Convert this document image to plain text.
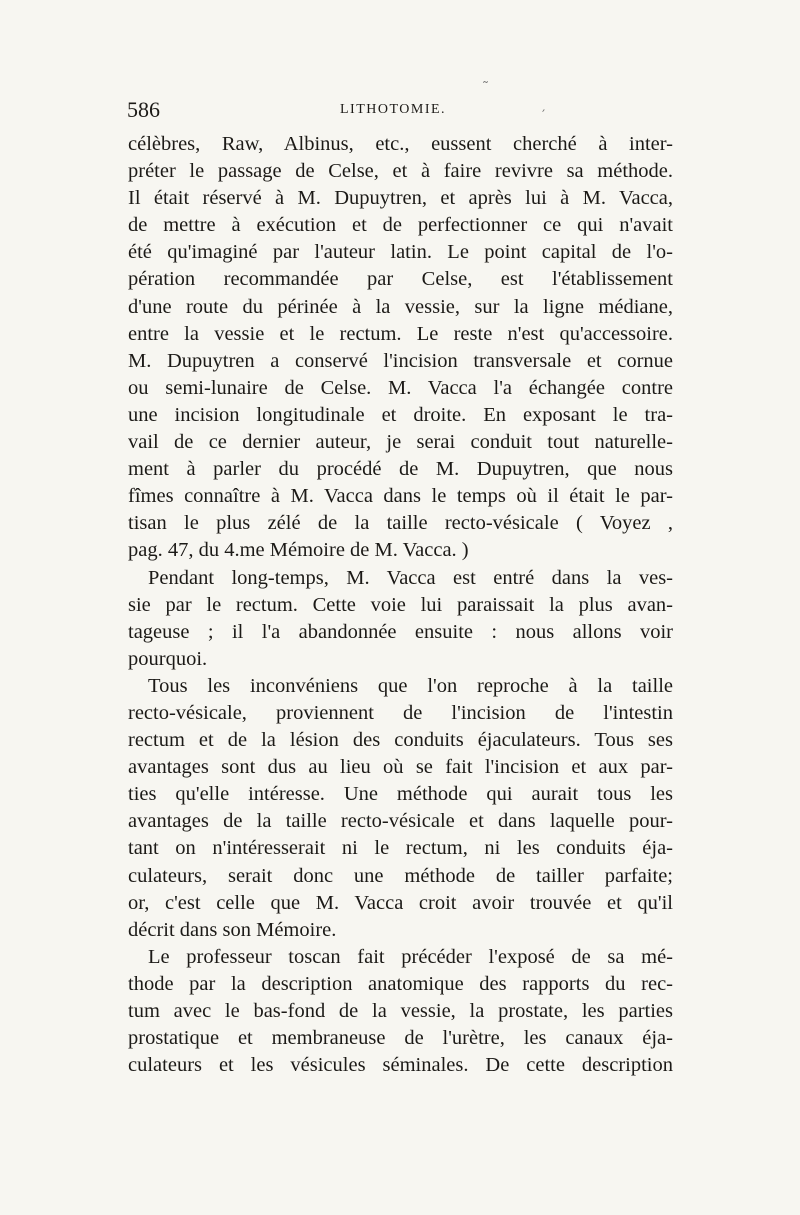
586	LITHOTOMIE.
célèbres, Raw, Albinus, etc., eussent cherché à inter-
préter le passage de Celse, et à faire revivre sa méthode.
Il était réservé à M. Dupuytren, et après lui à M. Vacca,
de mettre à exécution et de perfectionner ce qui n'avait
été qu'imaginé par l'auteur latin. Le point capital de l'o-
pération recommandée par Celse, est l'établissement
d'une route du périnée à la vessie, sur la ligne médiane,
entre la vessie et le rectum. Le reste n'est qu'accessoire.
M. Dupuytren a conservé l'incision transversale et cornue
ou semi-lunaire de Celse. M. Vacca l'a échangée contre
une incision longitudinale et droite. En exposant le tra-
vail de ce dernier auteur, je serai conduit tout naturelle-
ment à parler du procédé de M. Dupuytren, que nous
fîmes connaître à M. Vacca dans le temps où il était le par-
tisan le plus zélé de la taille recto-vésicale ( Voyez ,
pag. 47, du 4.me Mémoire de M. Vacca. )
Pendant long-temps, M. Vacca est entré dans la ves-
sie par le rectum. Cette voie lui paraissait la plus avan-
tageuse ; il l'a abandonnée ensuite : nous allons voir
pourquoi.
Tous les inconvéniens que l'on reproche à la taille
recto-vésicale, proviennent de l'incision de l'intestin
rectum et de la lésion des conduits éjaculateurs. Tous ses
avantages sont dus au lieu où se fait l'incision et aux par-
ties qu'elle intéresse. Une méthode qui aurait tous les
avantages de la taille recto-vésicale et dans laquelle pour-
tant on n'intéresserait ni le rectum, ni les conduits éja-
culateurs, serait donc une méthode de tailler parfaite;
or, c'est celle que M. Vacca croit avoir trouvée et qu'il
décrit dans son Mémoire.
Le professeur toscan fait précéder l'exposé de sa mé-
thode par la description anatomique des rapports du rec-
tum avec le bas-fond de la vessie, la prostate, les parties
prostatique et membraneuse de l'urètre, les canaux éja-
culateurs et les vésicules séminales. De cette description
˜
′
